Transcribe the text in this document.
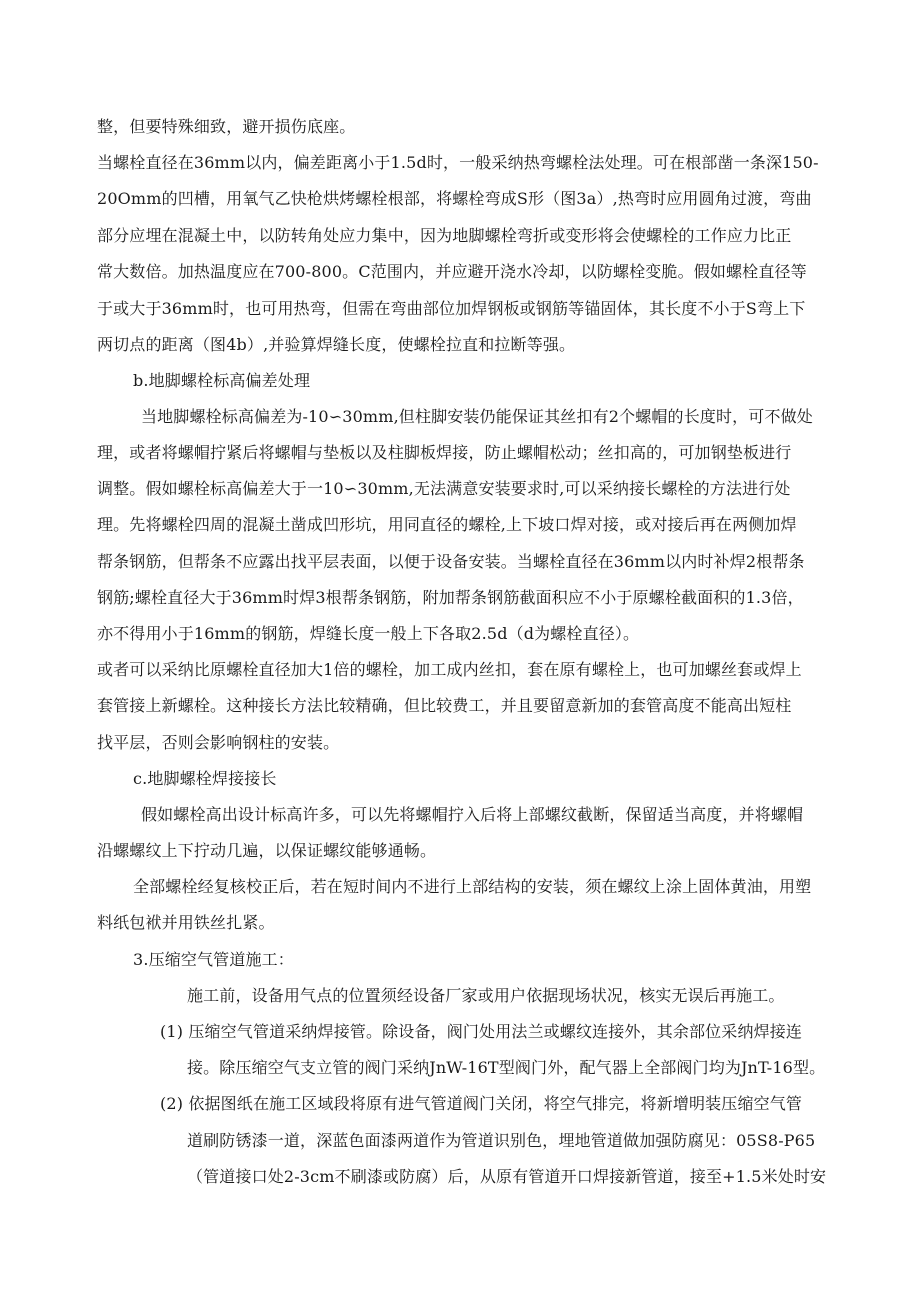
整，但要特殊细致，避开损伤底座。
当螺栓直径在36mm以内，偏差距离小于1.5d时，一般采纳热弯螺栓法处理。可在根部凿一条深150-
20Omm的凹槽，用氧气乙快枪烘烤螺栓根部，将螺栓弯成S形（图3a）,热弯时应用圆角过渡，弯曲
部分应埋在混凝土中，以防转角处应力集中，因为地脚螺栓弯折或变形将会使螺栓的工作应力比正
常大数倍。加热温度应在700-800。C范围内，并应避开浇水冷却，以防螺栓变脆。假如螺栓直径等
于或大于36mm时，也可用热弯，但需在弯曲部位加焊钢板或钢筋等锚固体，其长度不小于S弯上下
两切点的距离（图4b）,并验算焊缝长度，使螺栓拉直和拉断等强。
b.地脚螺栓标高偏差处理
当地脚螺栓标高偏差为-10∽30mm,但柱脚安装仍能保证其丝扣有2个螺帽的长度时，可不做处
理，或者将螺帽拧紧后将螺帽与垫板以及柱脚板焊接，防止螺帽松动；丝扣高的，可加钢垫板进行
调整。假如螺栓标高偏差大于一10∽30mm,无法满意安装要求时,可以采纳接长螺栓的方法进行处
理。先将螺栓四周的混凝土凿成凹形坑，用同直径的螺栓,上下坡口焊对接，或对接后再在两侧加焊
帮条钢筋，但帮条不应露出找平层表面，以便于设备安装。当螺栓直径在36mm以内时补焊2根帮条
钢筋;螺栓直径大于36mm时焊3根帮条钢筋，附加帮条钢筋截面积应不小于原螺栓截面积的1.3倍，
亦不得用小于16mm的钢筋，焊缝长度一般上下各取2.5d（d为螺栓直径）。
或者可以采纳比原螺栓直径加大1倍的螺栓，加工成内丝扣，套在原有螺栓上，也可加螺丝套或焊上
套管接上新螺栓。这种接长方法比较精确，但比较费工，并且要留意新加的套管高度不能高出短柱
找平层，否则会影响钢柱的安装。
c.地脚螺栓焊接接长
假如螺栓高出设计标高许多，可以先将螺帽拧入后将上部螺纹截断，保留适当高度，并将螺帽
沿螺螺纹上下拧动几遍，以保证螺纹能够通畅。
全部螺栓经复核校正后，若在短时间内不进行上部结构的安装，须在螺纹上涂上固体黄油，用塑
料纸包袱并用铁丝扎紧。
3.压缩空气管道施工：
施工前，设备用气点的位置须经设备厂家或用户依据现场状况，核实无误后再施工。
(1) 压缩空气管道采纳焊接管。除设备，阀门处用法兰或螺纹连接外，其余部位采纳焊接连
接。除压缩空气支立管的阀门采纳JnW-16T型阀门外，配气器上全部阀门均为JnT-16型。
(2) 依据图纸在施工区域段将原有进气管道阀门关闭，将空气排完，将新增明装压缩空气管
道刷防锈漆一道，深蓝色面漆两道作为管道识别色，埋地管道做加强防腐见：05S8-P65
（管道接口处2-3cm不刷漆或防腐）后，从原有管道开口焊接新管道，接至+1.5米处时安
